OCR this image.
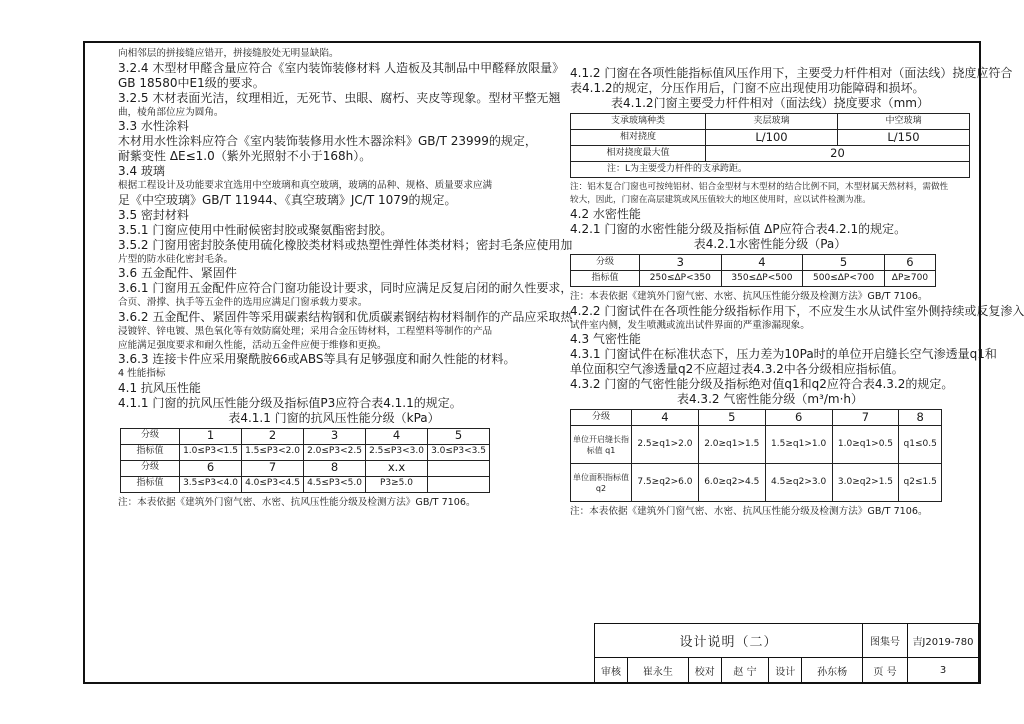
向相邻层的拼接缝应错开，拼接缝胶处无明显缺陷。

3.2.4 木型材甲醛含量应符合《室内装饰装修材料 人造板及其制品中甲醛释放限量》

GB 18580中E1级的要求。

3.2.5 木材表面光洁，纹理相近，无死节、虫眼、腐朽、夹皮等现象。型材平整无翘

曲，棱角部位应为圆角。

3.3 水性涂料

木材用水性涂料应符合《室内装饰装修用水性木器涂料》GB/T 23999的规定，

耐紫变性 ΔE≤1.0（紫外光照射不小于168h）。

3.4 玻璃

根据工程设计及功能要求宜选用中空玻璃和真空玻璃，玻璃的品种、规格、质量要求应满

足《中空玻璃》GB/T 11944、《真空玻璃》JC/T 1079的规定。

3.5 密封材料

3.5.1 门窗应使用中性耐候密封胶或聚氨酯密封胶。

3.5.2 门窗用密封胶条使用硫化橡胶类材料或热塑性弹性体类材料；密封毛条应使用加

片型的防水硅化密封毛条。

3.6 五金配件、紧固件

3.6.1 门窗用五金配件应符合门窗功能设计要求，同时应满足反复启闭的耐久性要求，

合页、滑撑、执手等五金件的选用应满足门窗承载力要求。

3.6.2 五金配件、紧固件等采用碳素结构钢和优质碳素钢结构材料制作的产品应采取热

浸镀锌、锌电镀、黑色氧化等有效防腐处理；采用合金压铸材料，工程塑料等制作的产品

应能满足强度要求和耐久性能，活动五金件应便于维修和更换。

3.6.3 连接卡件应采用聚酰胺66或ABS等具有足够强度和耐久性能的材料。

4 性能指标

4.1 抗风压性能

4.1.1 门窗的抗风压性能分级及指标值P3应符合表4.1.1的规定。

表4.1.1 门窗的抗风压性能分级（kPa）

分级	1	2	3	4	5
指标值	1.0≤P3<1.5	1.5≤P3<2.0	2.0≤P3<2.5	2.5≤P3<3.0	3.0≤P3<3.5
分级	6	7	8	x.x	
指标值	3.5≤P3<4.0	4.0≤P3<4.5	4.5≤P3<5.0	P3≥5.0	

注：本表依据《建筑外门窗气密、水密、抗风压性能分级及检测方法》GB/T 7106。

4.1.2 门窗在各项性能指标值风压作用下，主要受力杆件相对（面法线）挠度应符合

表4.1.2的规定，分压作用后，门窗不应出现使用功能障碍和损坏。

表4.1.2门窗主要受力杆件相对（面法线）挠度要求（mm）

支承玻璃种类	夹层玻璃	中空玻璃
相对挠度	L/100	L/150
相对挠度最大值	20	
注：L为主要受力杆件的支承跨距。		

注：铝木复合门窗也可按纯铝材、铝合金型材与木型材的结合比例不同，木型材属天然材料，需做性

较大，因此，门窗在高层建筑或风压值较大的地区使用时，应以试件检测为准。

4.2 水密性能

4.2.1 门窗的水密性能分级及指标值 ΔP应符合表4.2.1的规定。

表4.2.1水密性能分级（Pa）

分级	3	4	5	6
指标值	250≤ΔP<350	350≤ΔP<500	500≤ΔP<700	ΔP≥700

注：本表依据《建筑外门窗气密、水密、抗风压性能分级及检测方法》GB/T 7106。

4.2.2 门窗试件在各项性能分级指标作用下，不应发生水从试件室外侧持续或反复渗入

试件室内侧，发生喷溅或流出试件界面的严重渗漏现象。

4.3 气密性能

4.3.1 门窗试件在标准状态下，压力差为10Pa时的单位开启缝长空气渗透量q1和

单位面积空气渗透量q2不应超过表4.3.2中各分级相应指标值。

4.3.2 门窗的气密性能分级及指标绝对值q1和q2应符合表4.3.2的规定。

表4.3.2 气密性能分级（m³/m·h）

分级	4	5	6	7	8
单位开启缝长指标值 q1	2.5≥q1>2.0	2.0≥q1>1.5	1.5≥q1>1.0	1.0≥q1>0.5	q1≤0.5
单位面积指标值 q2	7.5≥q2>6.0	6.0≥q2>4.5	4.5≥q2>3.0	3.0≥q2>1.5	q2≤1.5

注：本表依据《建筑外门窗气密、水密、抗风压性能分级及检测方法》GB/T 7106。

设计说明（二）						图集号	吉J2019-780
审核	崔永生	校对	赵 宁	设计	孙东杨	页 号	3
